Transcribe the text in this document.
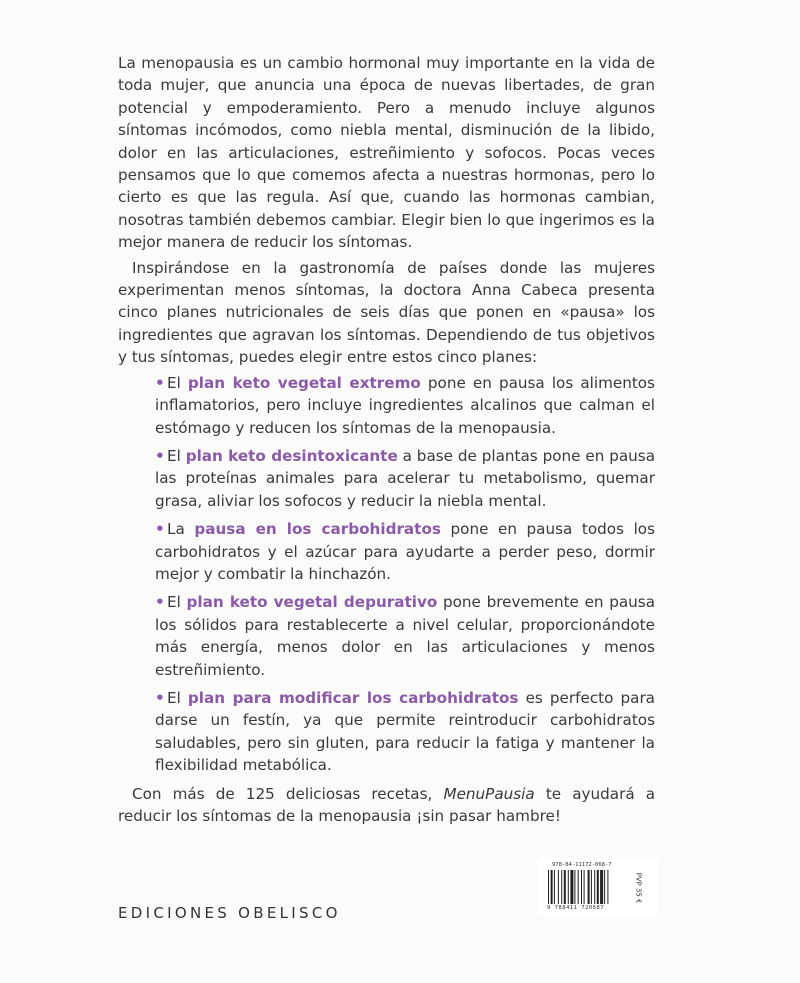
La menopausia es un cambio hormonal muy importante en la vida de toda mujer, que anuncia una época de nuevas libertades, de gran potencial y empoderamiento. Pero a menudo incluye algunos síntomas incómodos, como niebla mental, disminución de la libido, dolor en las articulaciones, estreñimiento y sofocos. Pocas veces pensamos que lo que comemos afecta a nuestras hormonas, pero lo cierto es que las regula. Así que, cuando las hormonas cambian, nosotras también debemos cambiar. Elegir bien lo que ingerimos es la mejor manera de reducir los síntomas.

Inspirándose en la gastronomía de países donde las mujeres experimentan menos síntomas, la doctora Anna Cabeca presenta cinco planes nutricionales de seis días que ponen en «pausa» los ingredientes que agravan los síntomas. Dependiendo de tus objetivos y tus síntomas, puedes elegir entre estos cinco planes:

• El plan keto vegetal extremo pone en pausa los alimentos inflamatorios, pero incluye ingredientes alcalinos que calman el estómago y reducen los síntomas de la menopausia.
• El plan keto desintoxicante a base de plantas pone en pausa las proteínas animales para acelerar tu metabolismo, quemar grasa, aliviar los sofocos y reducir la niebla mental.
• La pausa en los carbohidratos pone en pausa todos los carbohidratos y el azúcar para ayudarte a perder peso, dormir mejor y combatir la hinchazón.
• El plan keto vegetal depurativo pone brevemente en pausa los sólidos para restablecerte a nivel celular, proporcionándote más energía, menos dolor en las articulaciones y menos estreñimiento.
• El plan para modificar los carbohidratos es perfecto para darse un festín, ya que permite reintroducir carbohidratos saludables, pero sin gluten, para reducir la fatiga y mantener la flexibilidad metabólica.

Con más de 125 deliciosas recetas, MenuPausia te ayudará a reducir los síntomas de la menopausia ¡sin pasar hambre!

EDICIONES OBELISCO
978-84-11172-068-7
9 788411 720687
PVP 35 €
